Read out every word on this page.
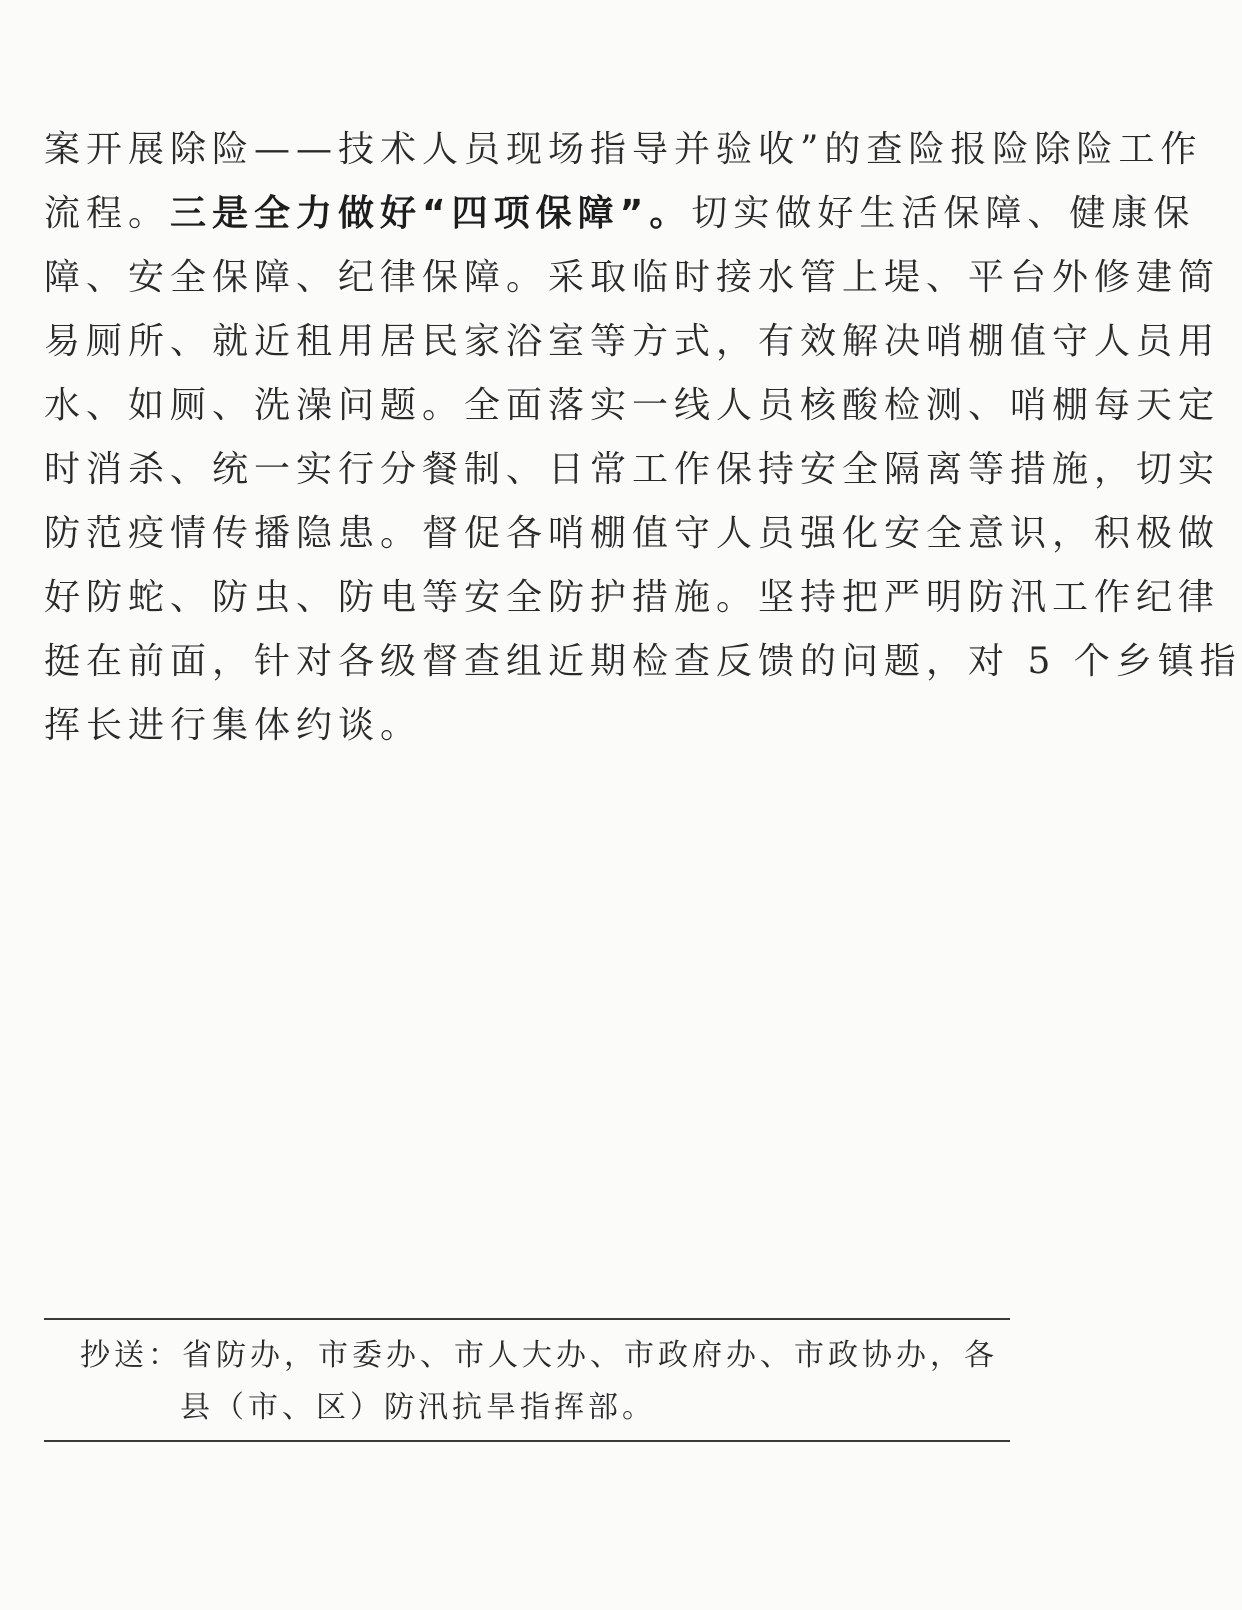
案开展除险——技术人员现场指导并验收”的查险报险除险工作
流程。三是全力做好“四项保障”。切实做好生活保障、健康保
障、安全保障、纪律保障。采取临时接水管上堤、平台外修建简
易厕所、就近租用居民家浴室等方式，有效解决哨棚值守人员用
水、如厕、洗澡问题。全面落实一线人员核酸检测、哨棚每天定
时消杀、统一实行分餐制、日常工作保持安全隔离等措施，切实
防范疫情传播隐患。督促各哨棚值守人员强化安全意识，积极做
好防蛇、防虫、防电等安全防护措施。坚持把严明防汛工作纪律
挺在前面，针对各级督查组近期检查反馈的问题，对 5 个乡镇指
挥长进行集体约谈。
抄送：省防办，市委办、市人大办、市政府办、市政协办，各
县（市、区）防汛抗旱指挥部。
